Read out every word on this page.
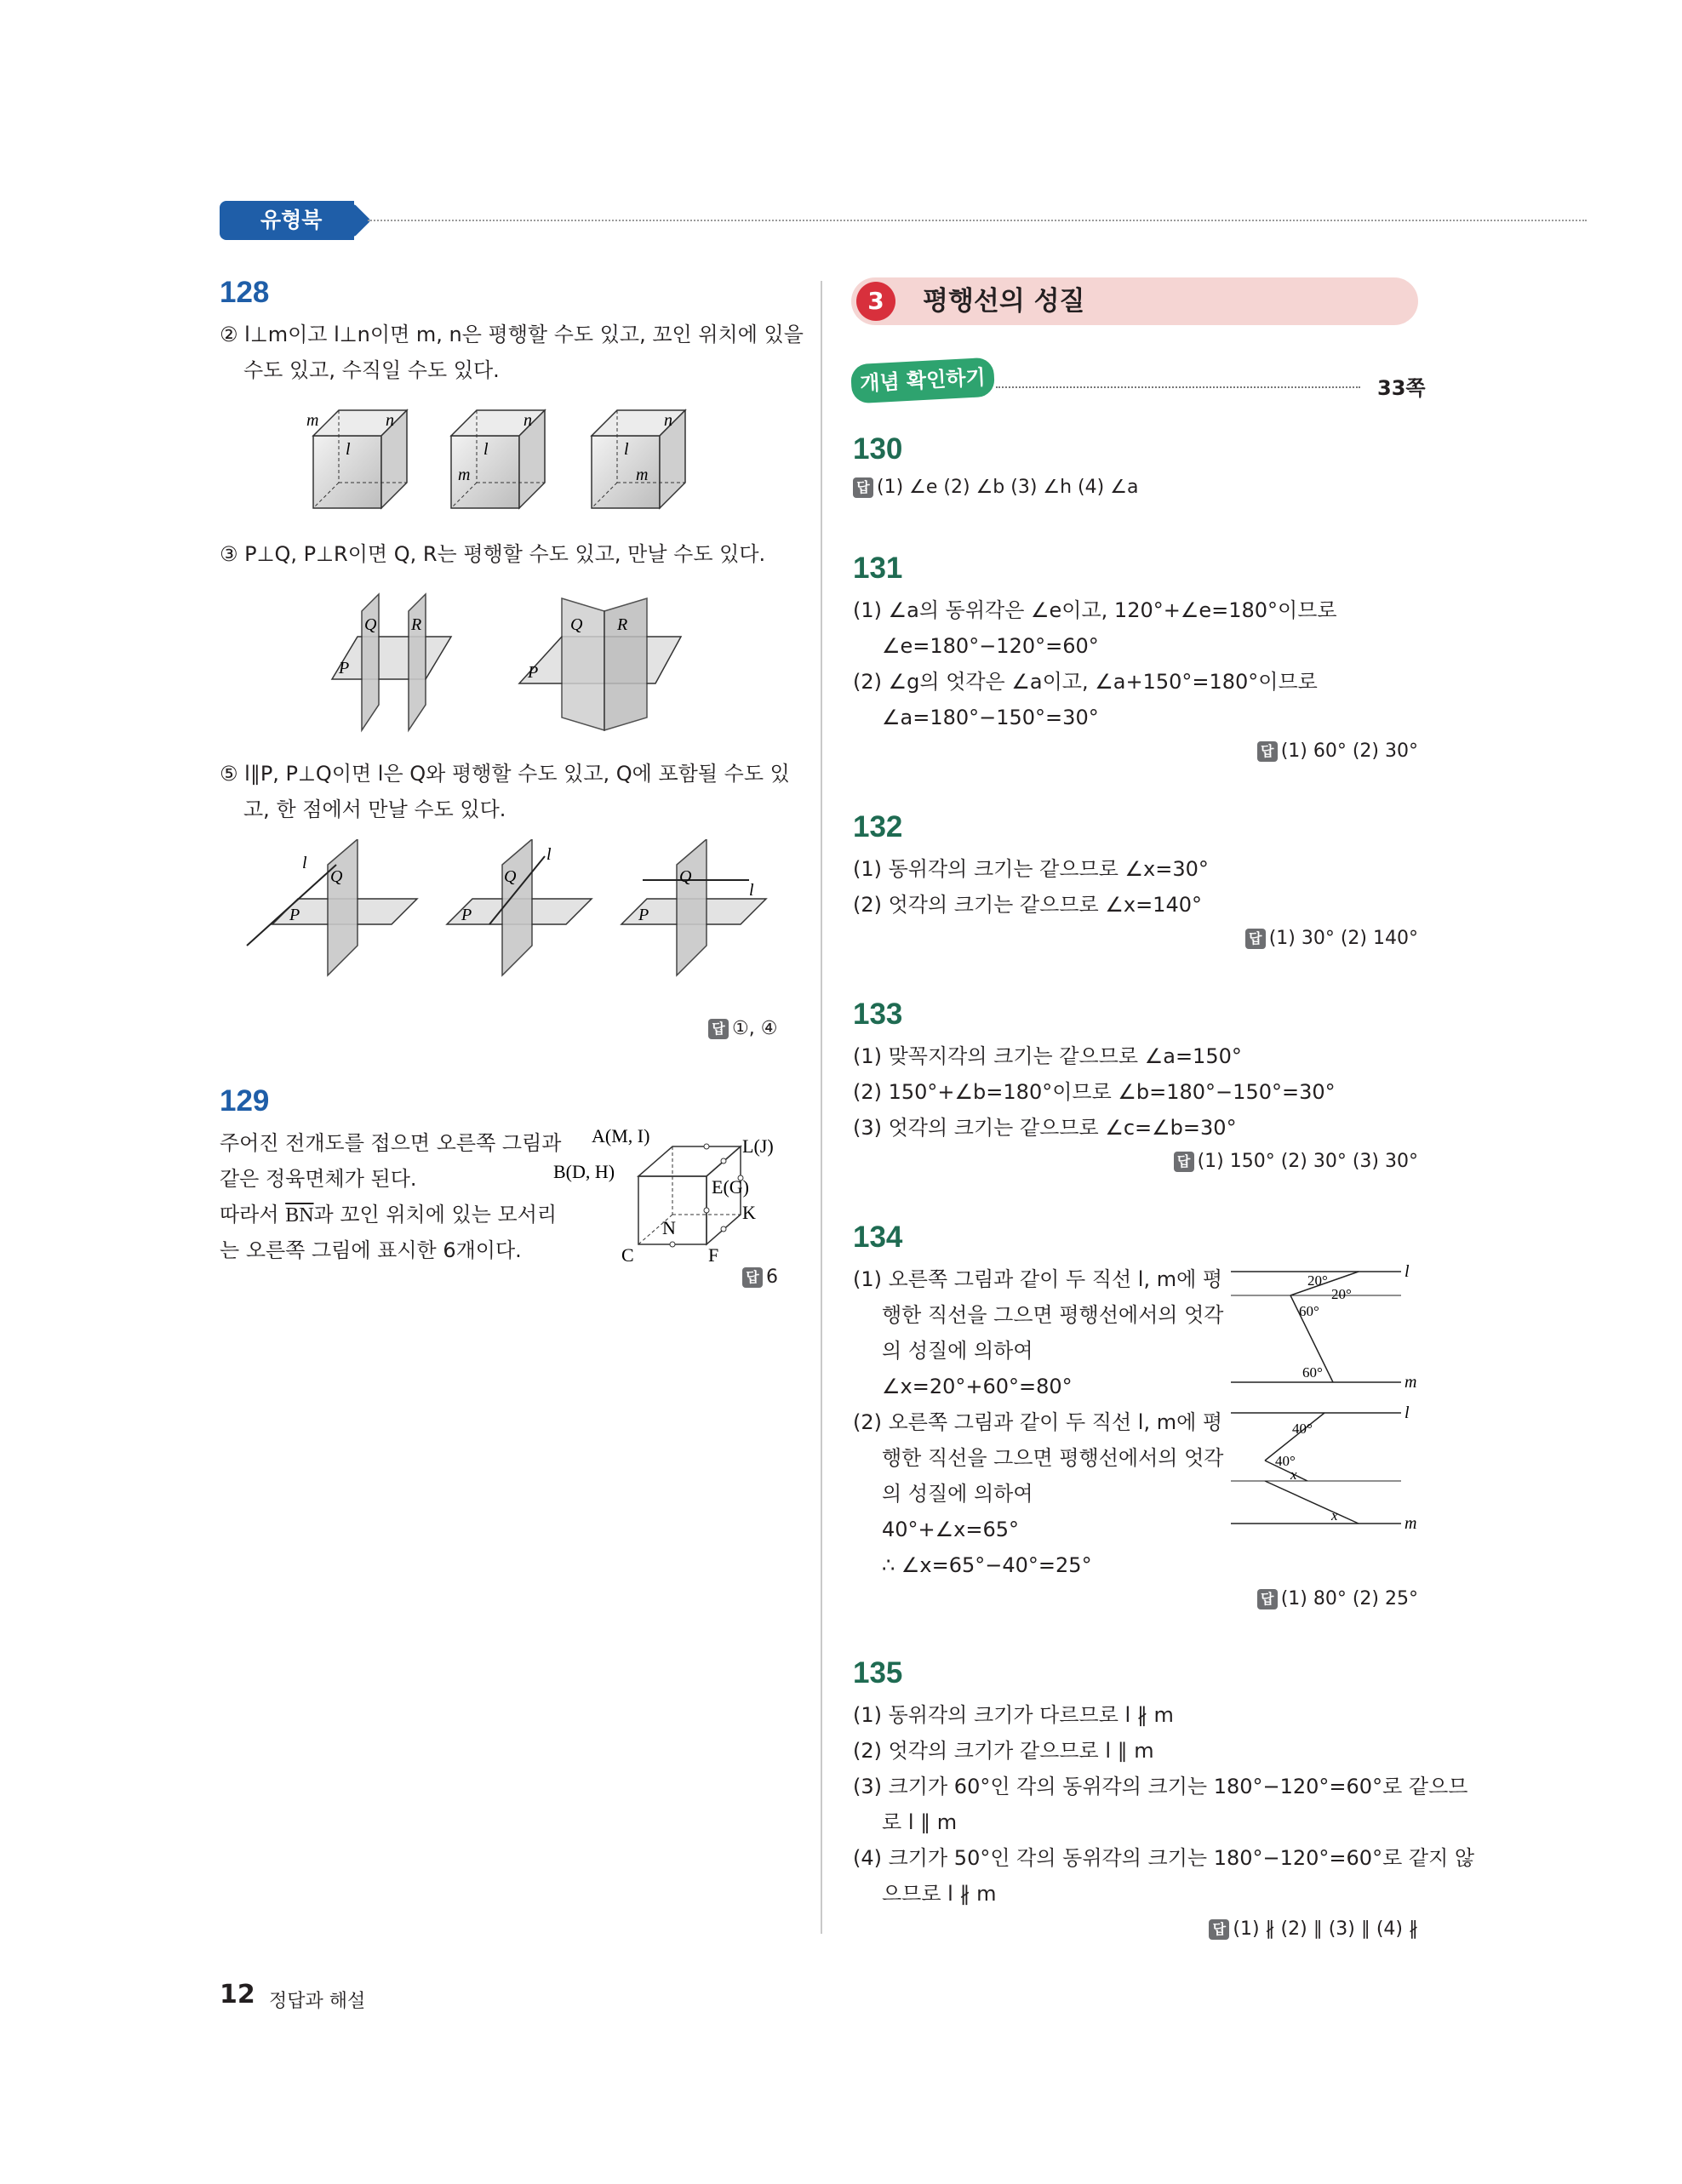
유형북
128
② l⊥m이고 l⊥n이면 m, n은 평행할 수도 있고, 꼬인 위치에 있을
수도 있고, 수직일 수도 있다.
m	n
l
n
l
m
n
l
m
③ P⊥Q, P⊥R이면 Q, R는 평행할 수도 있고, 만날 수도 있다.
Q R
P
Q R
P
⑤ l∥P, P⊥Q이면 l은 Q와 평행할 수도 있고, Q에 포함될 수도 있
고, 한 점에서 만날 수도 있다.
l
Q
P
l
Q
P
l
Q
P
답 ①, ④
129
주어진 전개도를 접으면 오른쪽 그림과
같은 정육면체가 된다.
따라서 $\overline{BN}$과 꼬인 위치에 있는 모서리
는 오른쪽 그림에 표시한 6개이다.
A(M, I)	L(J)
B(D, H)
E(G)
K
N
C	F
답 6
3	평행선의 성질
개념 확인하기	33쪽
130
답 (1) ∠e (2) ∠b (3) ∠h (4) ∠a
131
(1) ∠a의 동위각은 ∠e이고, 120°+∠e=180°이므로
∠e=180°−120°=60°
(2) ∠g의 엇각은 ∠a이고, ∠a+150°=180°이므로
∠a=180°−150°=30°
답 (1) 60° (2) 30°
132
(1) 동위각의 크기는 같으므로 ∠x=30°
(2) 엇각의 크기는 같으므로 ∠x=140°
답 (1) 30° (2) 140°
133
(1) 맞꼭지각의 크기는 같으므로 ∠a=150°
(2) 150°+∠b=180°이므로 ∠b=180°−150°=30°
(3) 엇각의 크기는 같으므로 ∠c=∠b=30°
답 (1) 150° (2) 30° (3) 30°
134
(1) 오른쪽 그림과 같이 두 직선 l, m에 평
행한 직선을 그으면 평행선에서의 엇각
의 성질에 의하여
∠x=20°+60°=80°
(2) 오른쪽 그림과 같이 두 직선 l, m에 평
행한 직선을 그으면 평행선에서의 엇각
의 성질에 의하여
40°+∠x=65°
∴ ∠x=65°−40°=25°
l
m
20°
20°
60°
60°
l
m
40°
40°
x
x
답 (1) 80° (2) 25°
135
(1) 동위각의 크기가 다르므로 l ∦ m
(2) 엇각의 크기가 같으므로 l ∥ m
(3) 크기가 60°인 각의 동위각의 크기는 180°−120°=60°로 같으므
로 l ∥ m
(4) 크기가 50°인 각의 동위각의 크기는 180°−120°=60°로 같지 않
으므로 l ∦ m
답 (1) ∦ (2) ∥ (3) ∥ (4) ∦
12 정답과 해설
